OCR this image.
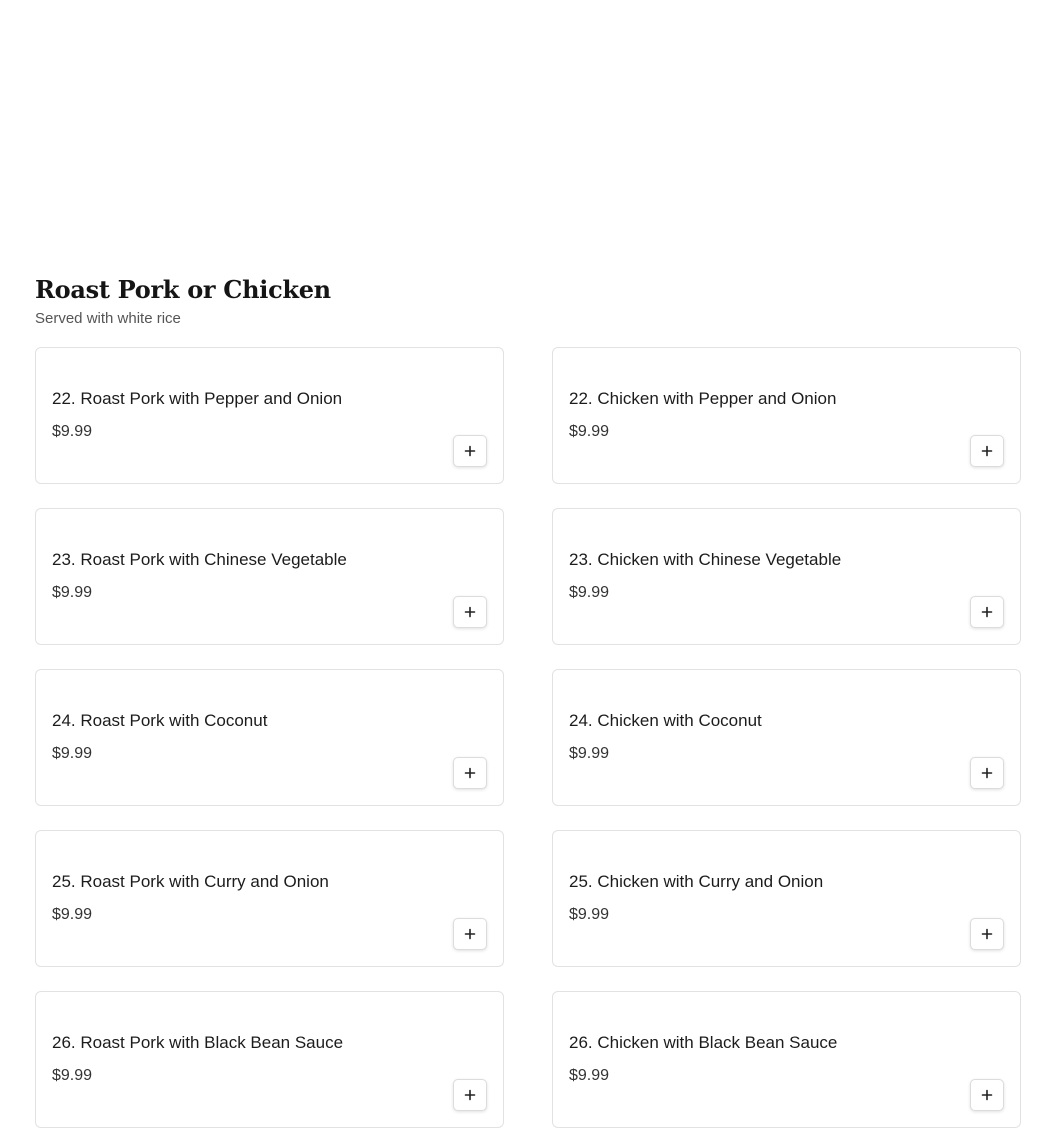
Roast Pork or Chicken

Served with white rice

22. Roast Pork with Pepper and Onion
$9.99
22. Chicken with Pepper and Onion
$9.99
23. Roast Pork with Chinese Vegetable
$9.99
23. Chicken with Chinese Vegetable
$9.99
24. Roast Pork with Coconut
$9.99
24. Chicken with Coconut
$9.99
25. Roast Pork with Curry and Onion
$9.99
25. Chicken with Curry and Onion
$9.99
26. Roast Pork with Black Bean Sauce
$9.99
26. Chicken with Black Bean Sauce
$9.99
